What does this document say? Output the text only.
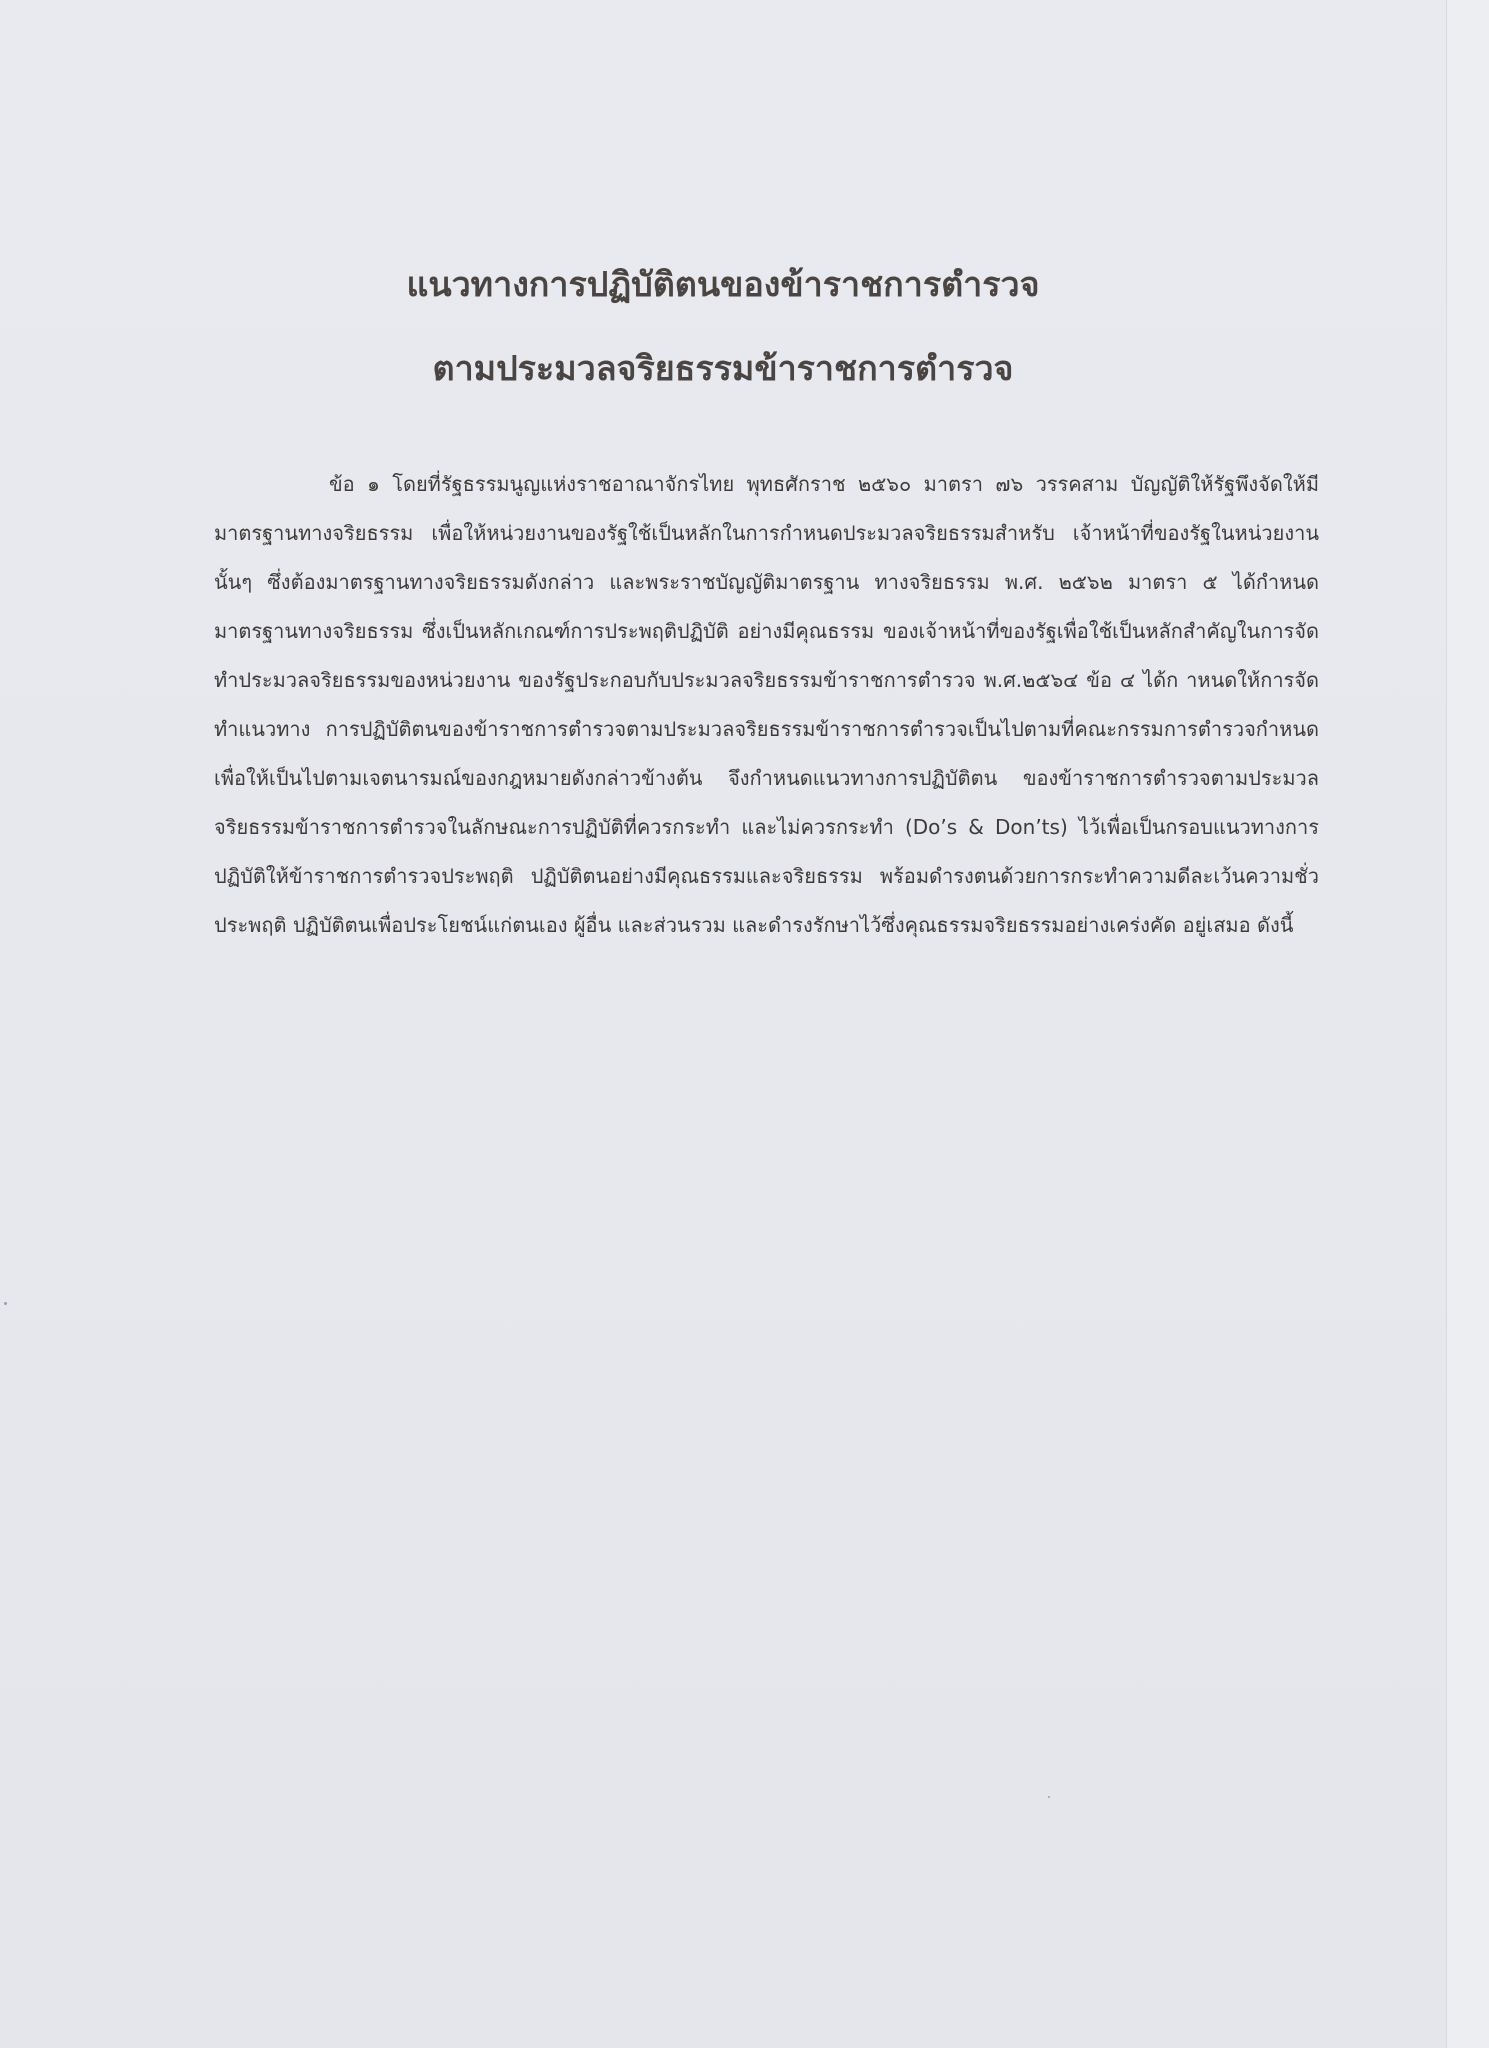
แนวทางการปฏิบัติตนของข้าราชการตำรวจ
ตามประมวลจริยธรรมข้าราชการตำรวจ

ข้อ ๑ โดยที่รัฐธรรมนูญแห่งราชอาณาจักรไทย พุทธศักราช ๒๕๖๐ มาตรา ๗๖ วรรคสาม บัญญัติให้รัฐพึงจัดให้มีมาตรฐานทางจริยธรรม เพื่อให้หน่วยงานของรัฐใช้เป็นหลักในการกำหนดประมวลจริยธรรมสำหรับ เจ้าหน้าที่ของรัฐในหน่วยงานนั้นๆ ซึ่งต้องมาตรฐานทางจริยธรรมดังกล่าว และพระราชบัญญัติมาตรฐาน ทางจริยธรรม พ.ศ. ๒๕๖๒ มาตรา ๕ ได้กำหนดมาตรฐานทางจริยธรรม ซึ่งเป็นหลักเกณฑ์การประพฤติปฏิบัติ อย่างมีคุณธรรม ของเจ้าหน้าที่ของรัฐเพื่อใช้เป็นหลักสำคัญในการจัดทำประมวลจริยธรรมของหน่วยงาน ของรัฐประกอบกับประมวลจริยธรรมข้าราชการตำรวจ พ.ศ.๒๕๖๔ ข้อ ๔ ได้ก าหนดให้การจัดทำแนวทาง การปฏิบัติตนของข้าราชการตำรวจตามประมวลจริยธรรมข้าราชการตำรวจเป็นไปตามที่คณะกรรมการตำรวจกำหนด เพื่อให้เป็นไปตามเจตนารมณ์ของกฎหมายดังกล่าวข้างต้น จึงกำหนดแนวทางการปฏิบัติตน ของข้าราชการตำรวจตามประมวลจริยธรรมข้าราชการตำรวจในลักษณะการปฏิบัติที่ควรกระทำ และไม่ควรกระทำ (Do’s & Don’ts) ไว้เพื่อเป็นกรอบแนวทางการปฏิบัติให้ข้าราชการตำรวจประพฤติ ปฏิบัติตนอย่างมีคุณธรรมและจริยธรรม พร้อมดำรงตนด้วยการกระทำความดีละเว้นความชั่ว ประพฤติ ปฏิบัติตนเพื่อประโยชน์แก่ตนเอง ผู้อื่น และส่วนรวม และดำรงรักษาไว้ซึ่งคุณธรรมจริยธรรมอย่างเคร่งคัด อยู่เสมอ ดังนี้
